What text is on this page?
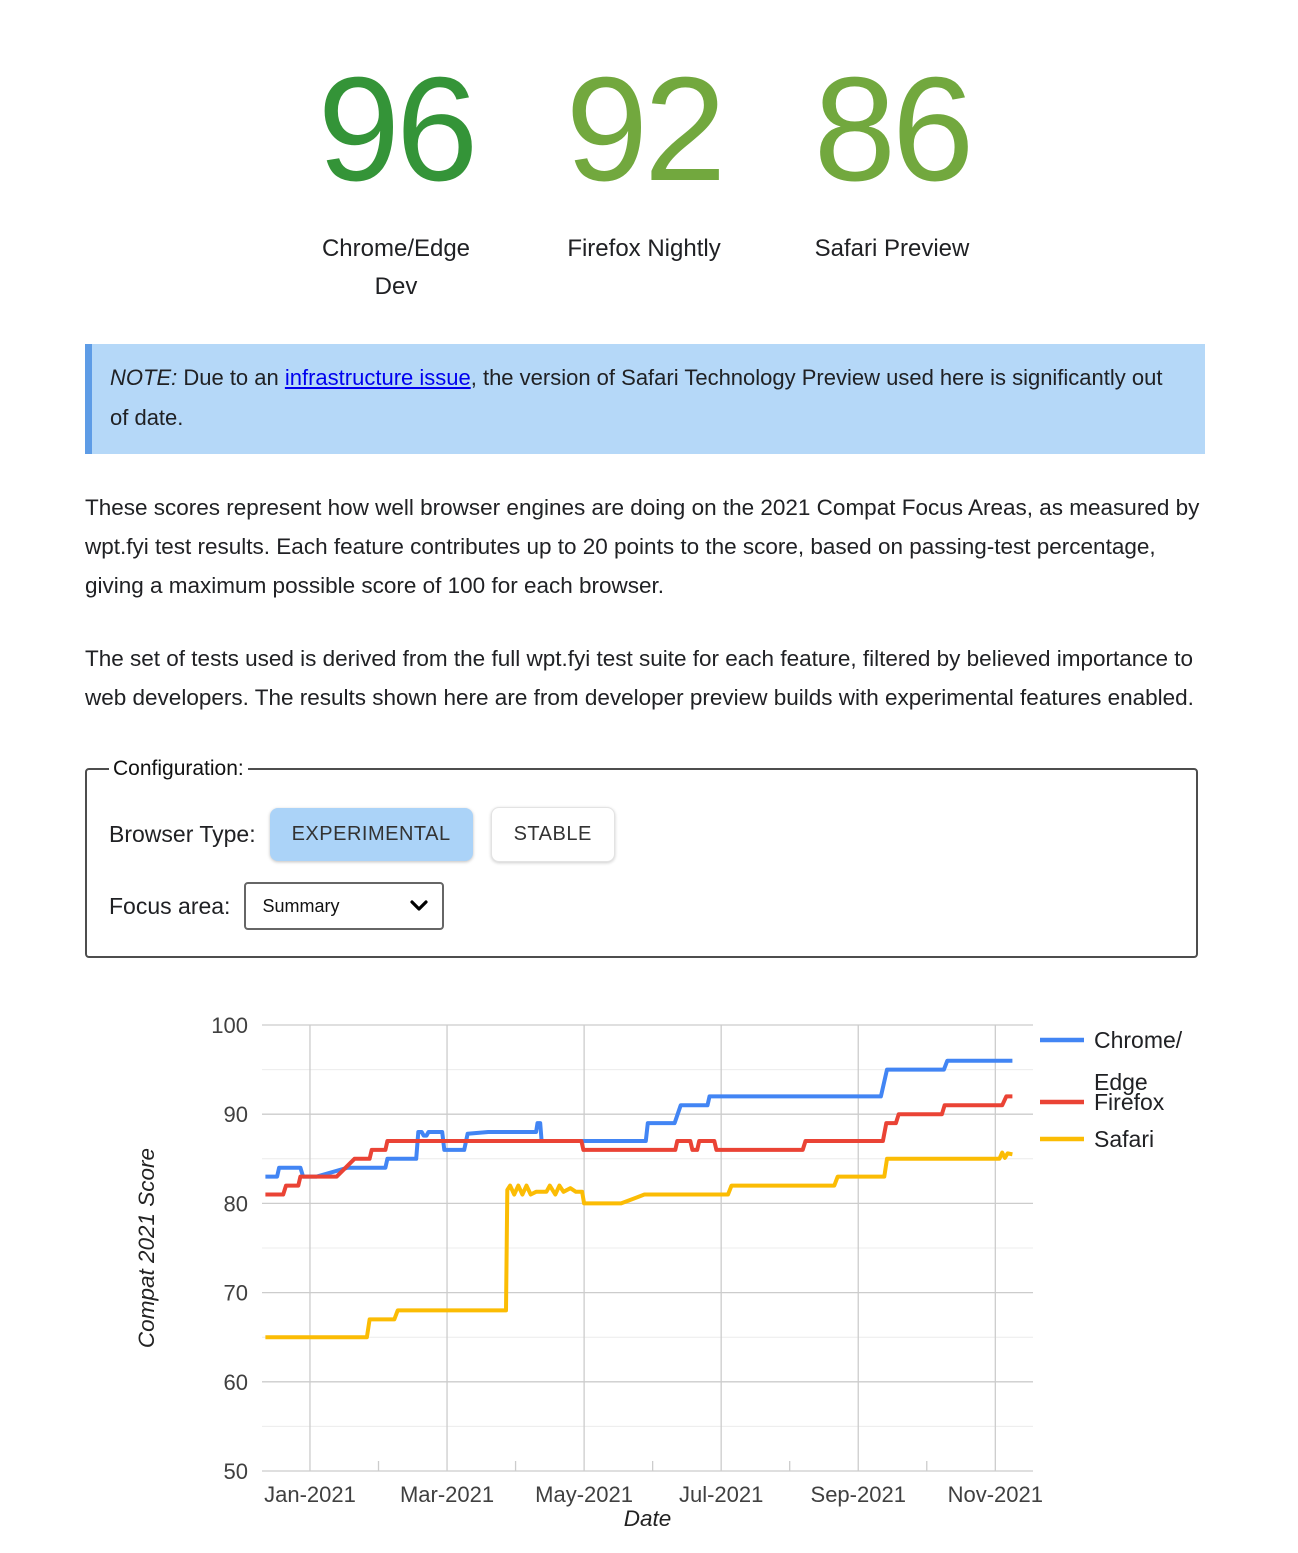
96
Chrome/Edge
Dev
92
Firefox Nightly
86
Safari Preview
NOTE: Due to an infrastructure issue, the version of Safari Technology Preview used here is significantly out of date.

These scores represent how well browser engines are doing on the 2021 Compat Focus Areas, as measured by wpt.fyi test results. Each feature contributes up to 20 points to the score, based on passing-test percentage, giving a maximum possible score of 100 for each browser.

The set of tests used is derived from the full wpt.fyi test suite for each feature, filtered by believed importance to web developers. The results shown here are from developer preview builds with experimental features enabled.

Configuration:
Browser Type:	EXPERIMENTAL	STABLE
Focus area: Summary
50
60
70
80
90
100
Jan-2021 Mar-2021 May-2021 Jul-2021 Sep-2021 Nov-2021
Compat 2021 Score
Date
Chrome/
Edge
Firefox
Safari
